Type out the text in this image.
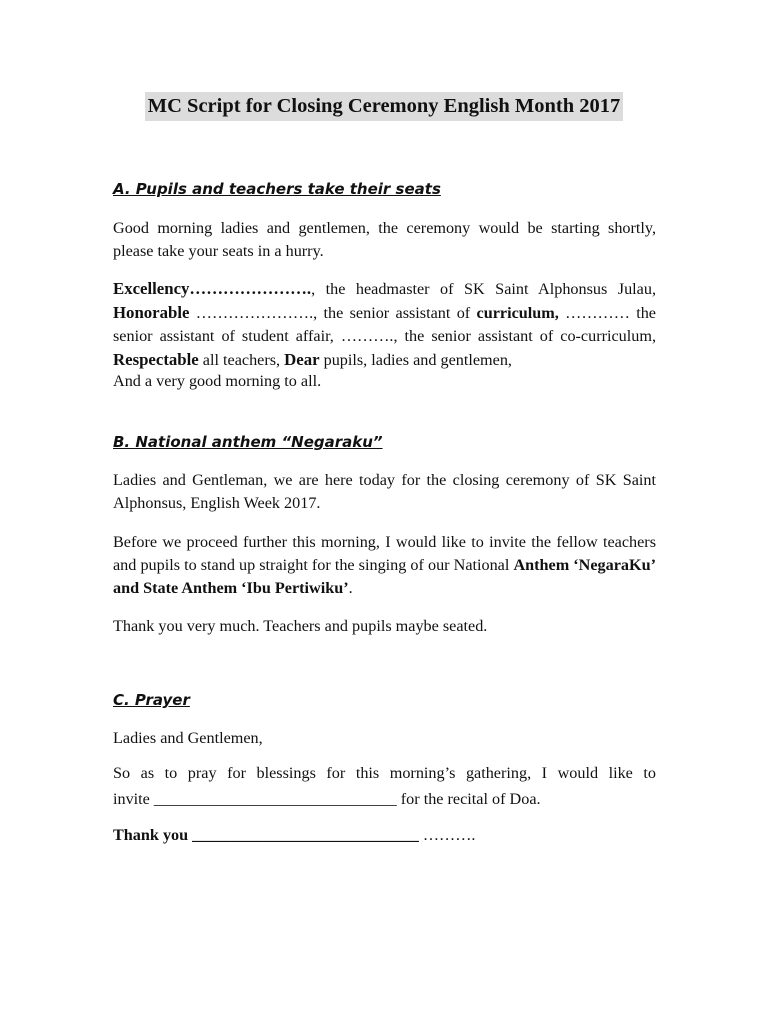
MC Script for Closing Ceremony English Month 2017
A. Pupils and teachers take their seats

Good morning ladies and gentlemen, the ceremony would be starting shortly, please take your seats in a hurry.

Excellency…………………., the headmaster of SK Saint Alphonsus Julau, Honorable …………………., the senior assistant of curriculum, ………… the senior assistant of student affair, ………., the senior assistant of co-curriculum, Respectable all teachers, Dear pupils, ladies and gentlemen,

And a very good morning to all.

B. National anthem “Negaraku”

Ladies and Gentleman, we are here today for the closing ceremony of SK Saint Alphonsus, English Week 2017.

Before we proceed further this morning, I would like to invite the fellow teachers and pupils to stand up straight for the singing of our National Anthem ‘NegaraKu’ and State Anthem ‘Ibu Pertiwiku’.

Thank you very much. Teachers and pupils maybe seated.

C. Prayer

Ladies and Gentlemen,

So as to pray for blessings for this morning’s gathering, I would like to

invite ______________________________ for the recital of Doa.

Thank you ____________________________ ……….
